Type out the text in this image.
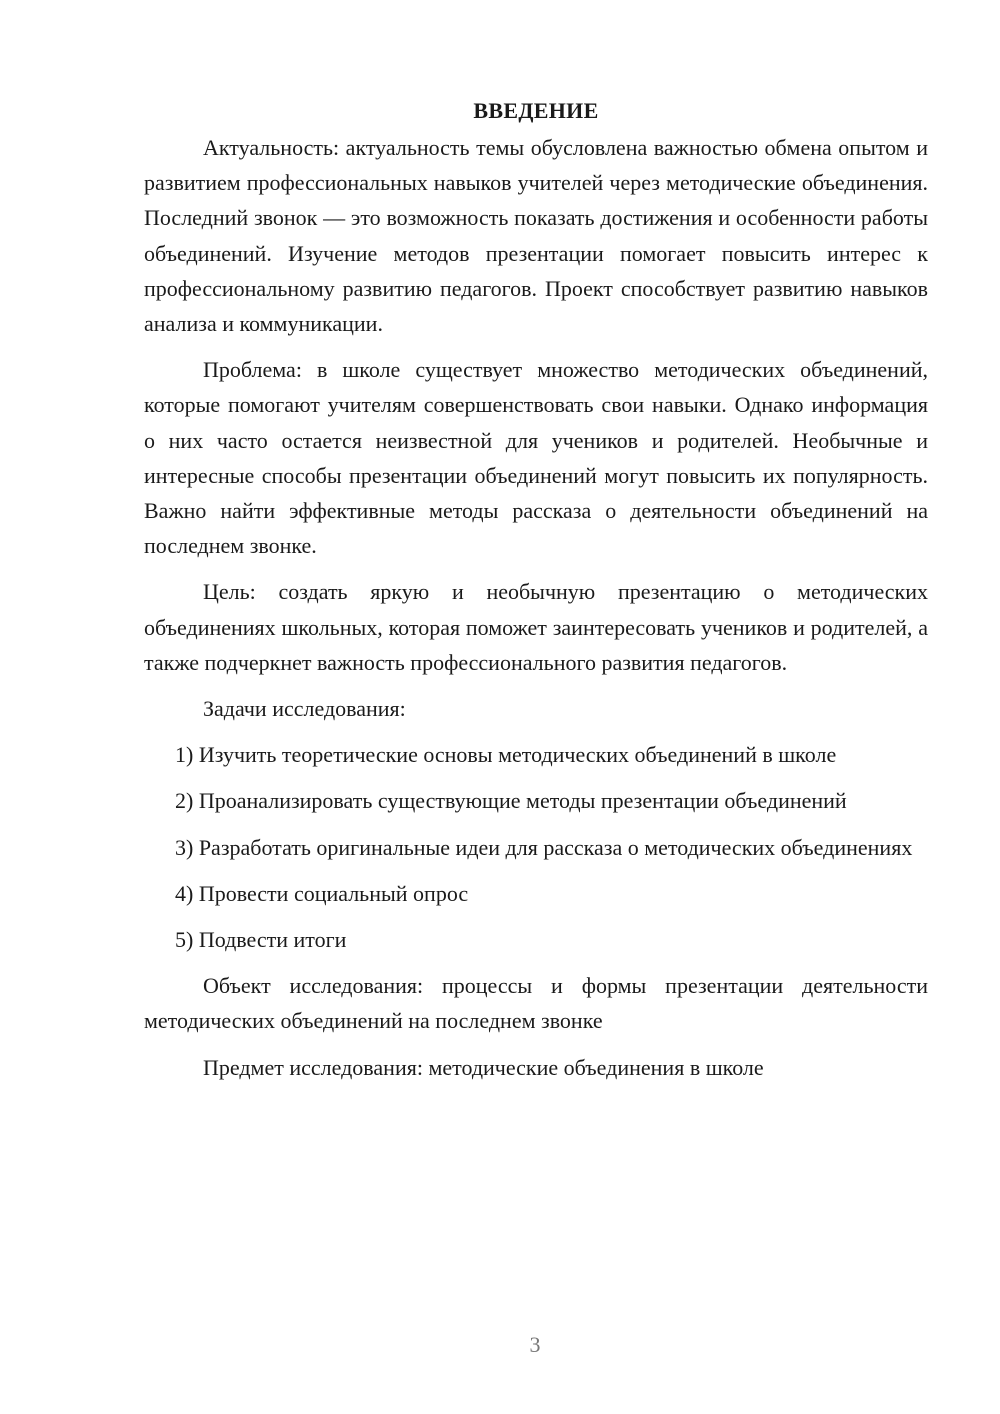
ВВЕДЕНИЕ

Актуальность: актуальность темы обусловлена важностью обмена опытом и развитием профессиональных навыков учителей через методические объединения. Последний звонок — это возможность показать достижения и особенности работы объединений. Изучение методов презентации помогает повысить интерес к профессиональному развитию педагогов. Проект способствует развитию навыков анализа и коммуникации.

Проблема: в школе существует множество методических объединений, которые помогают учителям совершенствовать свои навыки. Однако информация о них часто остается неизвестной для учеников и родителей. Необычные и интересные способы презентации объединений могут повысить их популярность. Важно найти эффективные методы рассказа о деятельности объединений на последнем звонке.

Цель: создать яркую и необычную презентацию о методических объединениях школьных, которая поможет заинтересовать учеников и родителей, а также подчеркнет важность профессионального развития педагогов.

Задачи исследования:

1) Изучить теоретические основы методических объединений в школе

2) Проанализировать существующие методы презентации объединений

3) Разработать оригинальные идеи для рассказа о методических объединениях

4) Провести социальный опрос

5) Подвести итоги

Объект исследования: процессы и формы презентации деятельности методических объединений на последнем звонке

Предмет исследования: методические объединения в школе

3
